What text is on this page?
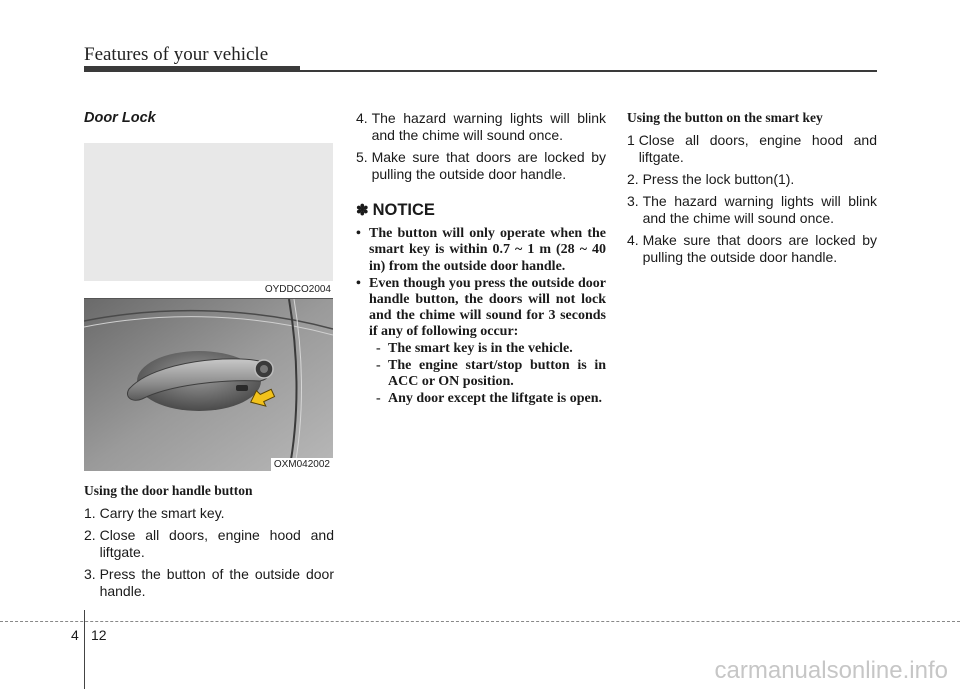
Features of your vehicle
Door Lock
OYDDCO2004
OXM042002
Using the door handle button
1. Carry the smart key.
2. Close all doors, engine hood and liftgate.
3. Press the button of the outside door handle.
4. The hazard warning lights will blink and the chime will sound once.
5. Make sure that doors are locked by pulling the outside door handle.
✽ NOTICE
• The button will only operate when the smart key is within 0.7 ~ 1 m (28 ~ 40 in) from the outside door handle.
• Even though you press the outside door handle button, the doors will not lock and the chime will sound for 3 seconds if any of following occur:
- The smart key is in the vehicle.
- The engine start/stop button is in ACC or ON position.
- Any door except the liftgate is open.
Using the button on the smart key
1 Close all doors, engine hood and liftgate.
2. Press the lock button(1).
3. The hazard warning lights will blink and the chime will sound once.
4. Make sure that doors are locked by pulling the outside door handle.
4 12
carmanualsonline.info
